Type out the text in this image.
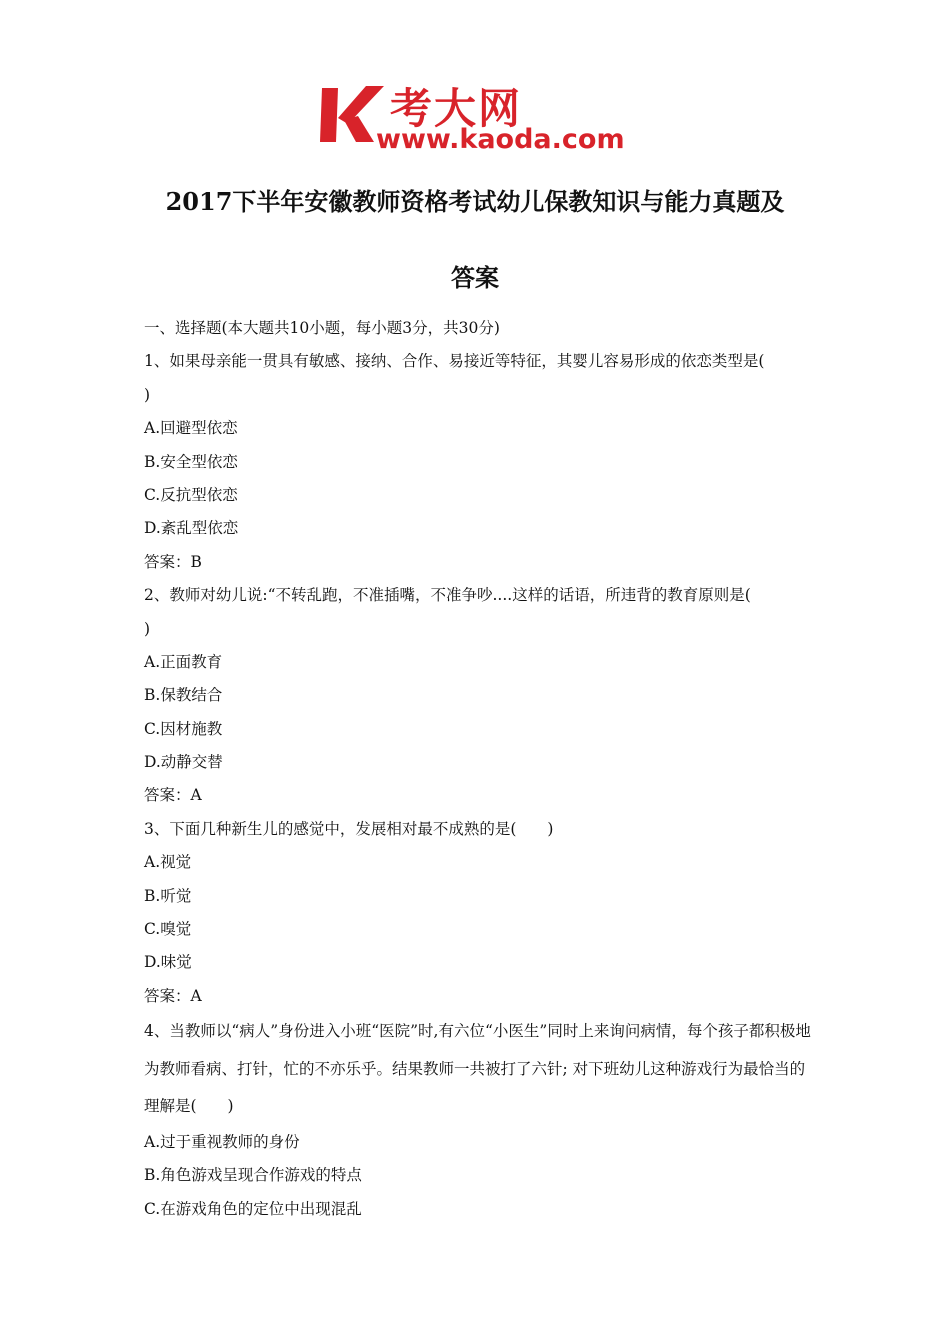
考大网
www.kaoda.com
2017下半年安徽教师资格考试幼儿保教知识与能力真题及
答案
一、选择题(本大题共10小题，每小题3分，共30分)
1、如果母亲能一贯具有敏感、接纳、合作、易接近等特征，其婴儿容易形成的依恋类型是(
)
A.回避型依恋
B.安全型依恋
C.反抗型依恋
D.紊乱型依恋
答案：B
2、教师对幼儿说:“不转乱跑，不准插嘴，不准争吵....这样的话语，所违背的教育原则是(
)
A.正面教育
B.保教结合
C.因材施教
D.动静交替
答案：A
3、下面几种新生儿的感觉中，发展相对最不成熟的是(　　)
A.视觉
B.听觉
C.嗅觉
D.味觉
答案：A
4、当教师以“病人”身份进入小班“医院”时,有六位“小医生”同时上来询问病情，每个孩子都积极地为教师看病、打针，忙的不亦乐乎。结果教师一共被打了六针; 对下班幼儿这种游戏行为最恰当的理解是(　　)
A.过于重视教师的身份
B.角色游戏呈现合作游戏的特点
C.在游戏角色的定位中出现混乱
